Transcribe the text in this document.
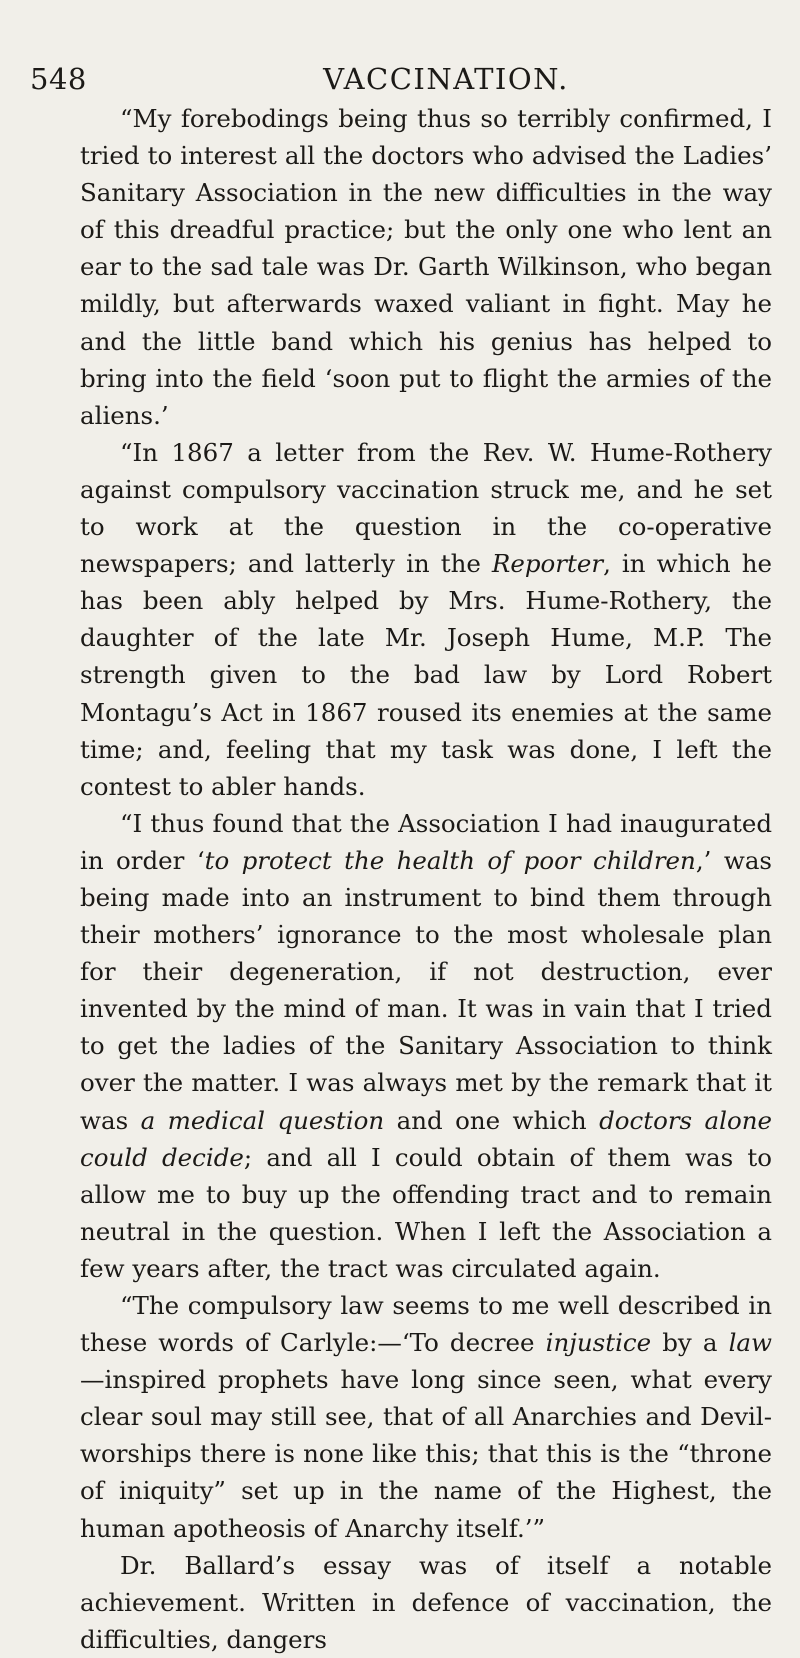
548	VACCINATION.

“My forebodings being thus so terribly confirmed, I tried to interest all the doctors who advised the Ladies’ Sanitary Association in the new difficulties in the way of this dreadful practice; but the only one who lent an ear to the sad tale was Dr. Garth Wilkinson, who began mildly, but afterwards waxed valiant in fight. May he and the little band which his genius has helped to bring into the field ‘soon put to flight the armies of the aliens.’

“In 1867 a letter from the Rev. W. Hume-Rothery against compulsory vaccination struck me, and he set to work at the question in the co-operative newspapers; and latterly in the Reporter, in which he has been ably helped by Mrs. Hume-Rothery, the daughter of the late Mr. Joseph Hume, M.P. The strength given to the bad law by Lord Robert Montagu’s Act in 1867 roused its enemies at the same time; and, feeling that my task was done, I left the contest to abler hands.

“I thus found that the Association I had inaugurated in order ‘to protect the health of poor children,’ was being made into an instrument to bind them through their mothers’ ignorance to the most wholesale plan for their degeneration, if not destruction, ever invented by the mind of man. It was in vain that I tried to get the ladies of the Sanitary Association to think over the matter. I was always met by the remark that it was a medical question and one which doctors alone could decide; and all I could obtain of them was to allow me to buy up the offending tract and to remain neutral in the question. When I left the Association a few years after, the tract was circulated again.

“The compulsory law seems to me well described in these words of Carlyle:—‘To decree injustice by a law —inspired prophets have long since seen, what every clear soul may still see, that of all Anarchies and Devil-worships there is none like this; that this is the “throne of iniquity” set up in the name of the Highest, the human apotheosis of Anarchy itself.’”

Dr. Ballard’s essay was of itself a notable achievement. Written in defence of vaccination, the difficulties, dangers
